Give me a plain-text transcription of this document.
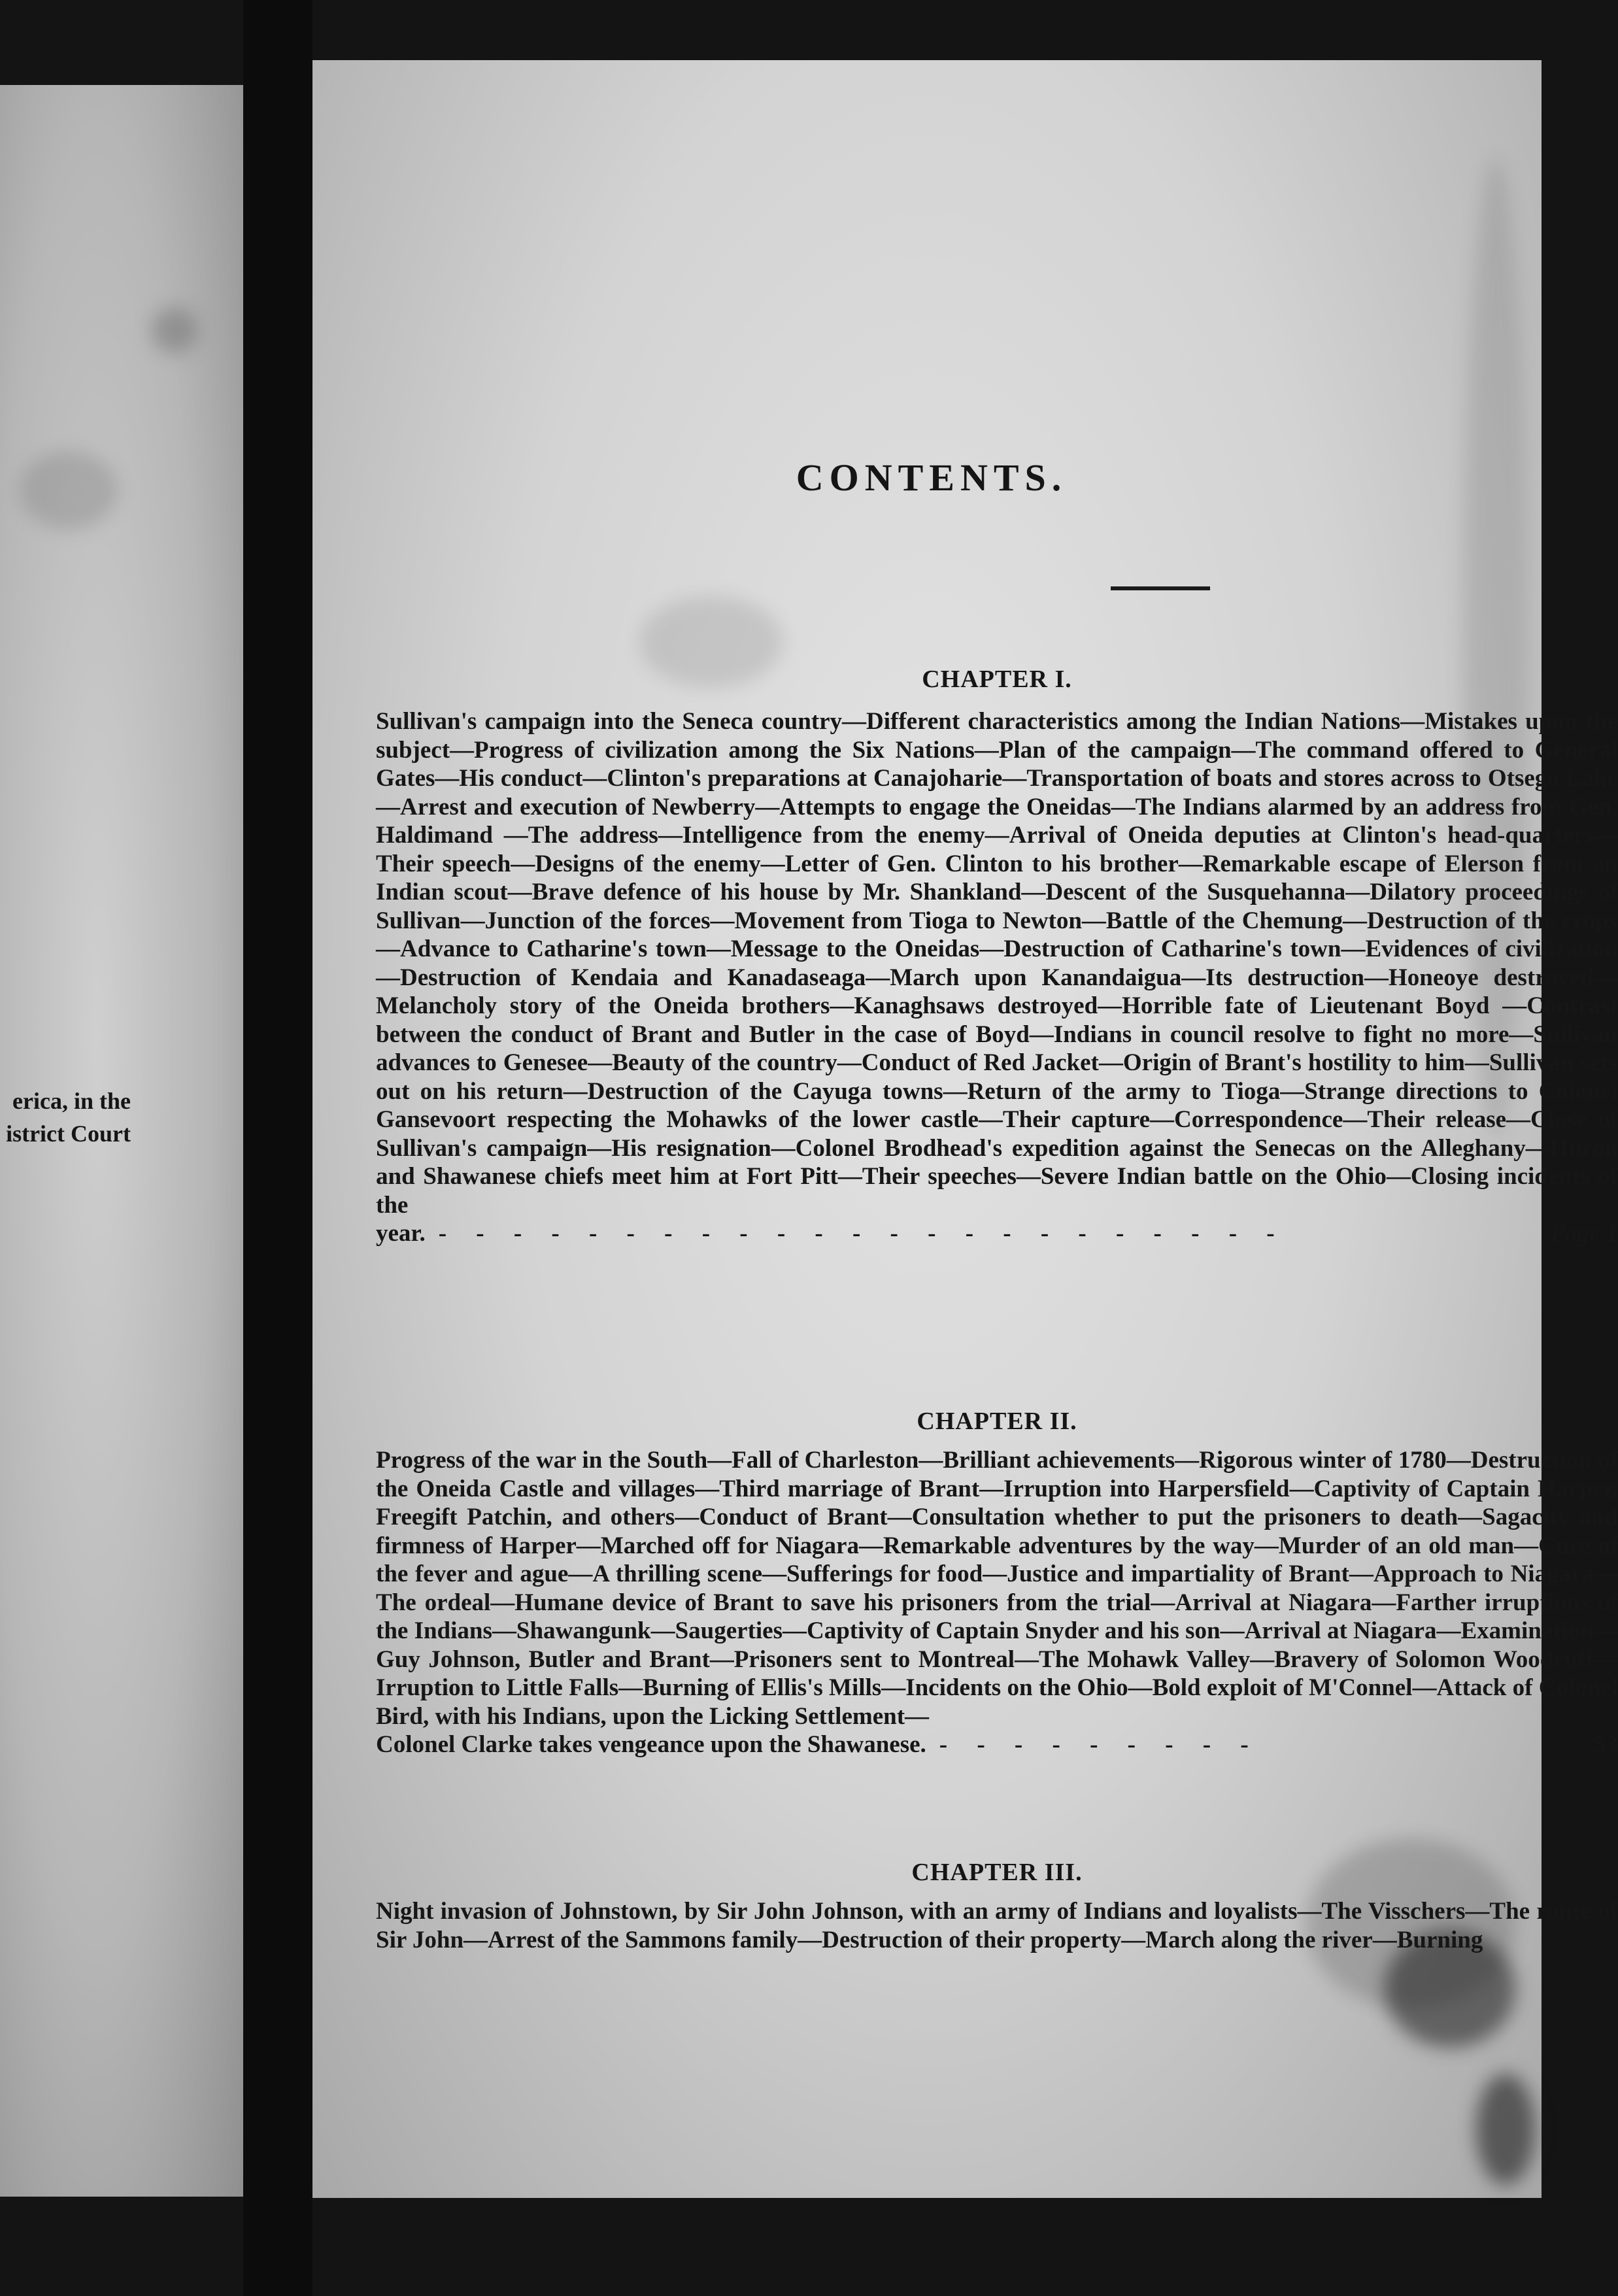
erica, in the
istrict Court
CONTENTS.
CHAPTER I.
Sullivan's campaign into the Seneca country—Different characteristics among the Indian Nations—Mistakes upon the subject—Progress of civilization among the Six Nations—Plan of the campaign—The command offered to General Gates—His conduct—Clinton's preparations at Canajoharie—Transportation of boats and stores across to Otsego Lake—Arrest and execution of Newberry—Attempts to engage the Oneidas—The Indians alarmed by an address from Gen. Haldimand —The address—Intelligence from the enemy—Arrival of Oneida deputies at Clinton's head-quarters—Their speech—Designs of the enemy—Letter of Gen. Clinton to his brother—Remarkable escape of Elerson from an Indian scout—Brave defence of his house by Mr. Shankland—Descent of the Susquehanna—Dilatory proceedings of Sullivan—Junction of the forces—Movement from Tioga to Newton—Battle of the Chemung—Destruction of the crops—Advance to Catharine's town—Message to the Oneidas—Destruction of Catharine's town—Evidences of civilization—Destruction of Kendaia and Kanadaseaga—March upon Kanandaigua—Its destruction—Honeoye destroyed—Melancholy story of the Oneida brothers—Kanaghsaws destroyed—Horrible fate of Lieutenant Boyd —Contrast between the conduct of Brant and Butler in the case of Boyd—Indians in council resolve to fight no more—Sullivan advances to Genesee—Beauty of the country—Conduct of Red Jacket—Origin of Brant's hostility to him—Sullivan sets out on his return—Destruction of the Cayuga towns—Return of the army to Tioga—Strange directions to Colonel Gansevoort respecting the Mohawks of the lower castle—Their capture—Correspondence—Their release—Close of Sullivan's campaign—His resignation—Colonel Brodhead's expedition against the Senecas on the Alleghany—Huron and Shawanese chiefs meet him at Fort Pitt—Their speeches—Severe Indian battle on the Ohio—Closing incidents of the
year. - - - - - - - - - - - - - - - - - - - - - - -	Page 1
CHAPTER II.
Progress of the war in the South—Fall of Charleston—Brilliant achievements—Rigorous winter of 1780—Destruction of the Oneida Castle and villages—Third marriage of Brant—Irruption into Harpersfield—Captivity of Captain Harper, Freegift Patchin, and others—Conduct of Brant—Consultation whether to put the prisoners to death—Sagacity and firmness of Harper—Marched off for Niagara—Remarkable adventures by the way—Murder of an old man—Cure of the fever and ague—A thrilling scene—Sufferings for food—Justice and impartiality of Brant—Approach to Niagara—The ordeal—Humane device of Brant to save his prisoners from the trial—Arrival at Niagara—Farther irruptions of the Indians—Shawangunk—Saugerties—Captivity of Captain Snyder and his son—Arrival at Niagara—Examination—Guy Johnson, Butler and Brant—Prisoners sent to Montreal—The Mohawk Valley—Bravery of Solomon Woodruff—Irruption to Little Falls—Burning of Ellis's Mills—Incidents on the Ohio—Bold exploit of M'Connel—Attack of Colonel Bird, with his Indians, upon the Licking Settlement—
Colonel Clarke takes vengeance upon the Shawanese. - - - - - - - - -	53
CHAPTER III.
Night invasion of Johnstown, by Sir John Johnson, with an army of Indians and loyalists—The Visschers—The route of Sir John—Arrest of the Sammons family—Destruction of their property—March along the river—Burning
